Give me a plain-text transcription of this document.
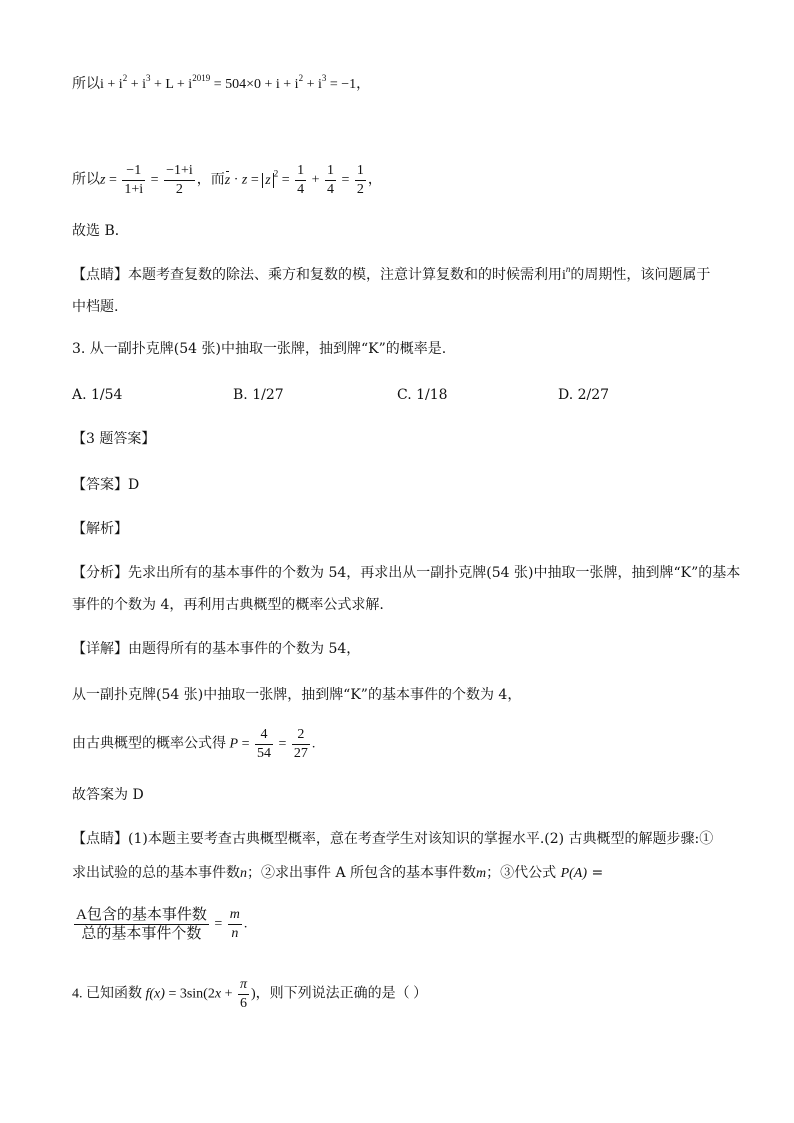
所以$i + i^2 + i^3 + L + i^{2019} = 504\times 0 + i + i^2 + i^3 = -1$，
所以$z = \frac{-1}{1+i} = \frac{-1+i}{2}$ ，而z · z = z $^2 = \frac{1}{4} + \frac{1}{4} = \frac{1}{2}$ ，
故选 B．
【点睛】本题考查复数的除法、乘方和复数的模，注意计算复数和的时候需利用$i^n$的周期性，该问题属于
中档题.
3. 从一副扑克牌(54 张)中抽取一张牌，抽到牌“K”的概率是.
A. 1/54	B. 1/27	C. 1/18	D. 2/27
【3 题答案】
【答案】D
【解析】
【分析】先求出所有的基本事件的个数为 54，再求出从一副扑克牌(54 张)中抽取一张牌，抽到牌“K”的基本
事件的个数为 4，再利用古典概型的概率公式求解.
【详解】由题得所有的基本事件的个数为 54，
从一副扑克牌(54 张)中抽取一张牌，抽到牌“K”的基本事件的个数为 4，
由古典概型的概率公式得 $P = \frac{4}{54} = \frac{2}{27}$ .
故答案为 D
【点睛】(1)本题主要考查古典概型概率，意在考查学生对该知识的掌握水平.(2) 古典概型的解题步骤:①
求出试验的总的基本事件数n；②求出事件 A 所包含的基本事件数m；③代公式 P(A) =
$\frac{\text{A包含的基本事件数}}{\text{总的基本事件个数}} = \frac{m}{n}$ .
4. 已知函数 $f(x) = 3\sin(2x + \frac{\pi}{6}$ )，则下列说法正确的是（ ）
